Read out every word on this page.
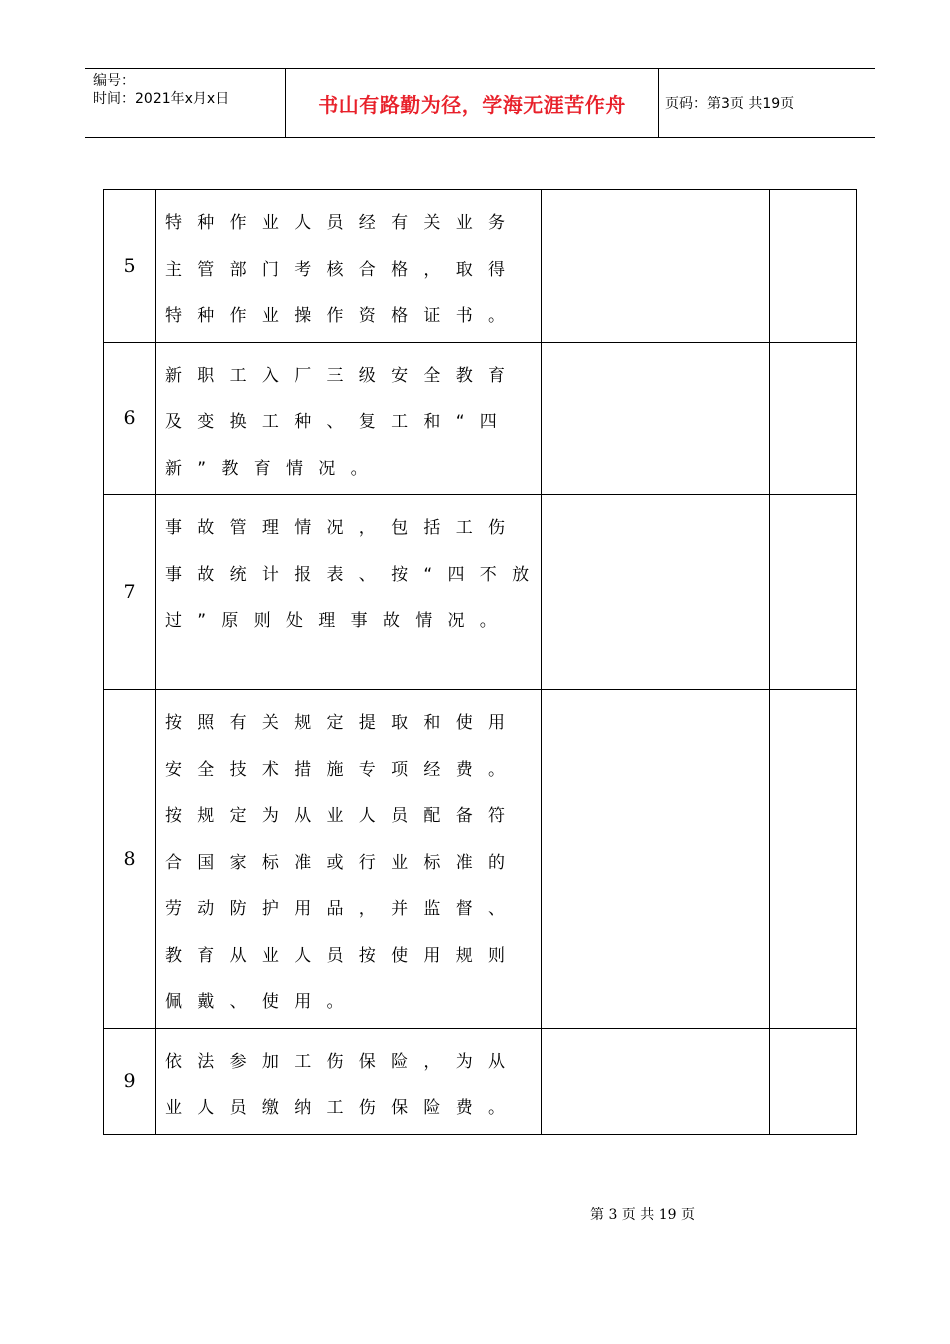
编号：
时间：2021年x月x日	书山有路勤为径，学海无涯苦作舟	页码：第3页 共19页
5	特种作业人员经有关业务主管部门考核合格，取得特种作业操作资格证书。		

6	新职工入厂三级安全教育及变换工种、复工和“四新”教育情况。		

7	事故管理情况，包括工伤事故统计报表、按“四不放过”原则处理事故情况。		

8	按照有关规定提取和使用安全技术措施专项经费。按规定为从业人员配备符合国家标准或行业标准的劳动防护用品，并监督、教育从业人员按使用规则佩戴、使用。		

9	依法参加工伤保险，为从业人员缴纳工伤保险费。		

第 3 页 共 19 页
